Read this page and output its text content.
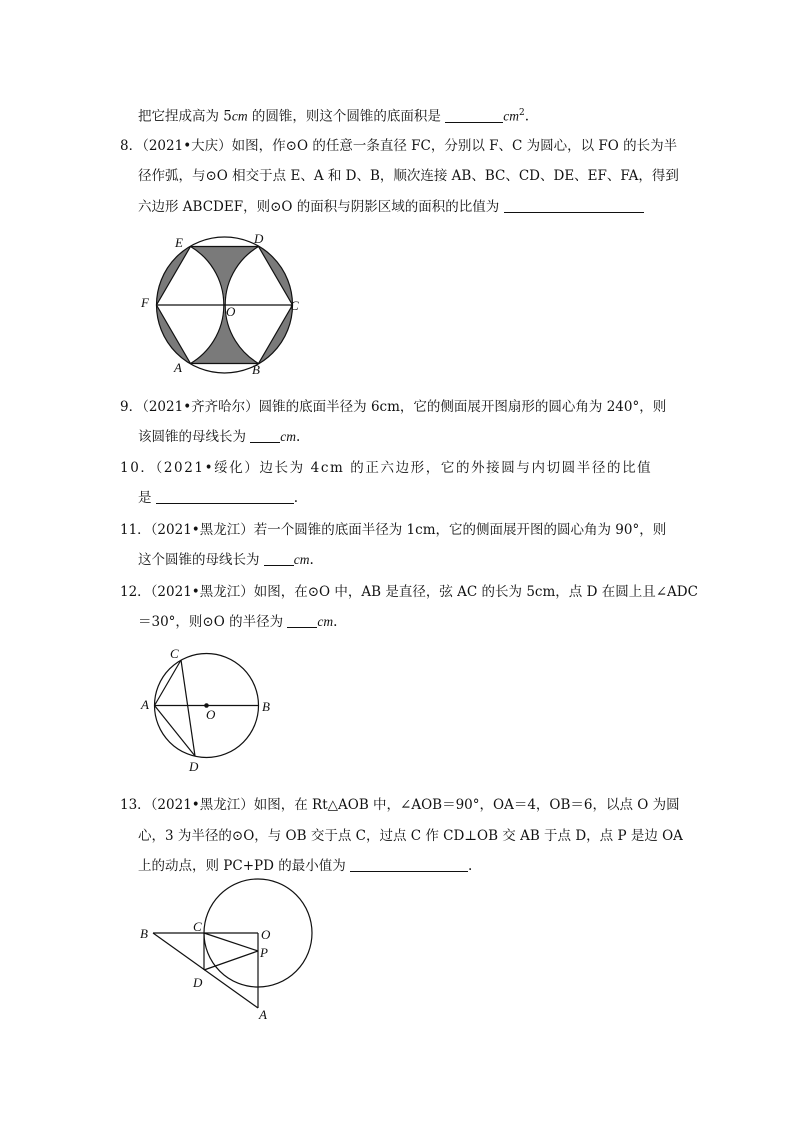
把它捏成高为 5cm 的圆锥，则这个圆锥的底面积是	$cm^2$.
8．（2021•大庆）如图，作⊙O 的任意一条直径 FC，分别以 F、C 为圆心，以 FO 的长为半
径作弧，与⊙O 相交于点 E、A 和 D、B，顺次连接 AB、BC、CD、DE、EF、FA，得到
六边形 ABCDEF，则⊙O 的面积与阴影区域的面积的比值为
E	D
F
O	C
A	B
9．（2021•齐齐哈尔）圆锥的底面半径为 6cm，它的侧面展开图扇形的圆心角为 240°，则
该圆锥的母线长为 cm.
10．（2021•绥化）边长为 4cm 的正六边形，它的外接圆与内切圆半径的比值
是	.
11．（2021•黑龙江）若一个圆锥的底面半径为 1cm，它的侧面展开图的圆心角为 90°，则
这个圆锥的母线长为 cm.
12．（2021•黑龙江）如图，在⊙O 中，AB 是直径，弦 AC 的长为 5cm，点 D 在圆上且∠ADC
＝30°，则⊙O 的半径为 cm.
C
A
O
B
D
13．（2021•黑龙江）如图，在 Rt△AOB 中，∠AOB＝90°，OA＝4，OB＝6，以点 O 为圆
心，3 为半径的⊙O，与 OB 交于点 C，过点 C 作 CD⊥OB 交 AB 于点 D，点 P 是边 OA
上的动点，则 PC+PD 的最小值为	.
B	C
O
P
D
A
